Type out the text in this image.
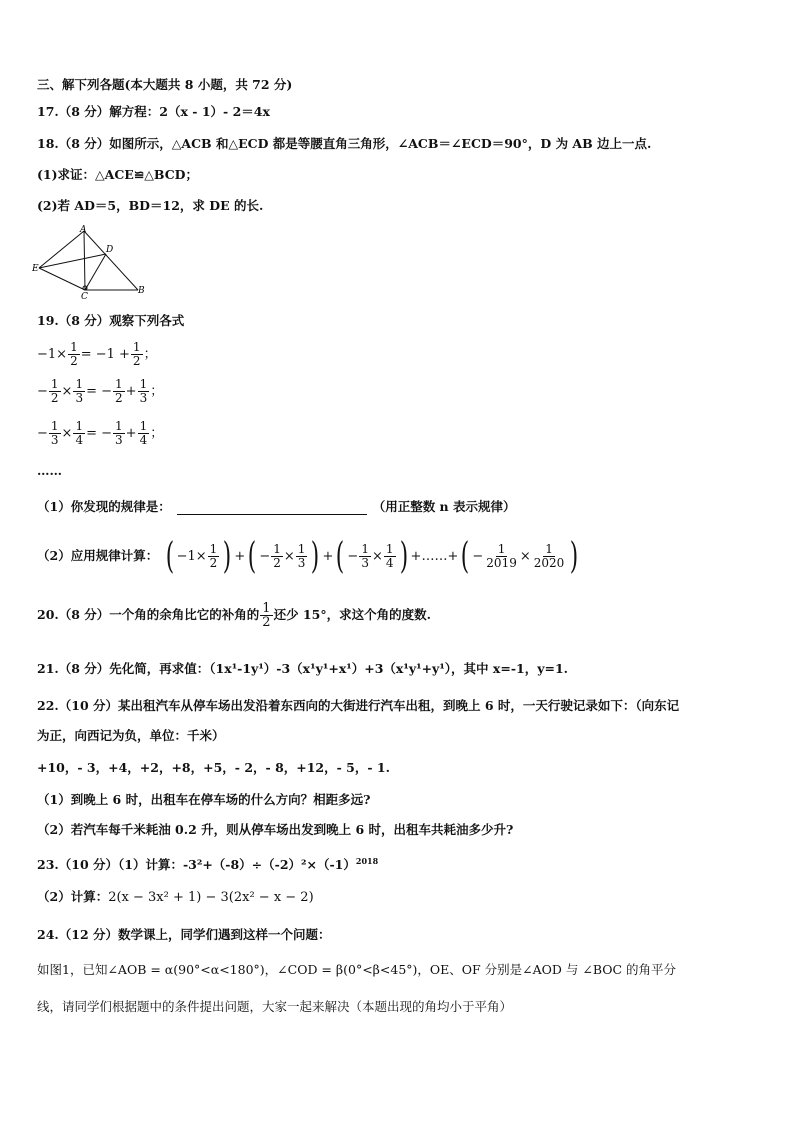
三、解下列各题(本大题共 8 小题，共 72 分)
17.（8 分）解方程：2（x - 1）- 2＝4x
18.（8 分）如图所示，△ACB 和△ECD 都是等腰直角三角形，∠ACB＝∠ECD＝90°，D 为 AB 边上一点.
(1)求证：△ACE≌△BCD；
(2)若 AD＝5，BD＝12，求 DE 的长.
A
D
E
C
B
19.（8 分）观察下列各式
$-1\times \frac{1}{2} = -1 + \frac{1}{2}$ ；
− $\frac{1}{2} \times \frac{1}{3}$ = − $\frac{1}{2} + \frac{1}{3}$ ；
− $\frac{1}{3} \times \frac{1}{4}$ = − $\frac{1}{3} + \frac{1}{4}$ ；
……
（1）你发现的规律是：	（用正整数 n 表示规律）
（2）应用规律计算： ( $-1\times \frac{1}{2}$ ) +( − $\frac{1}{2} \times \frac{1}{3}$ ) +( − $\frac{1}{3} \times \frac{1}{4}$ ) +……+( − $\frac{1}{2019} \times \frac{1}{2020}$ )
20.（8 分）一个角的余角比它的补角的 $\frac{1}{2}$ 还少 15°，求这个角的度数.
21.（8 分）先化简，再求值：（1x¹-1y¹）-3（x¹y¹+x¹）+3（x¹y¹+y¹），其中 x=-1，y=1.
22.（10 分）某出租汽车从停车场出发沿着东西向的大街进行汽车出租，到晚上 6 时，一天行驶记录如下：（向东记
为正，向西记为负，单位：千米）
+10，- 3，+4，+2，+8，+5，- 2，- 8，+12，- 5，- 1.
（1）到晚上 6 时，出租车在停车场的什么方向？相距多远?
（2）若汽车每千米耗油 0.2 升，则从停车场出发到晚上 6 时，出租车共耗油多少升?
23.（10 分）（1）计算：$-3^2+(-8)\div(-2)^2\times(-1)^{2018}$
（2）计算：2(x − 3x² + 1) − 3(2x² − x − 2)
24.（12 分）数学课上，同学们遇到这样一个问题：
如图1，已知∠AOB = α(90°<α<180°)，∠COD = β(0°<β<45°)，OE、OF 分别是∠AOD 与 ∠BOC 的角平分
线，请同学们根据题中的条件提出问题，大家一起来解决（本题出现的角均小于平角）
